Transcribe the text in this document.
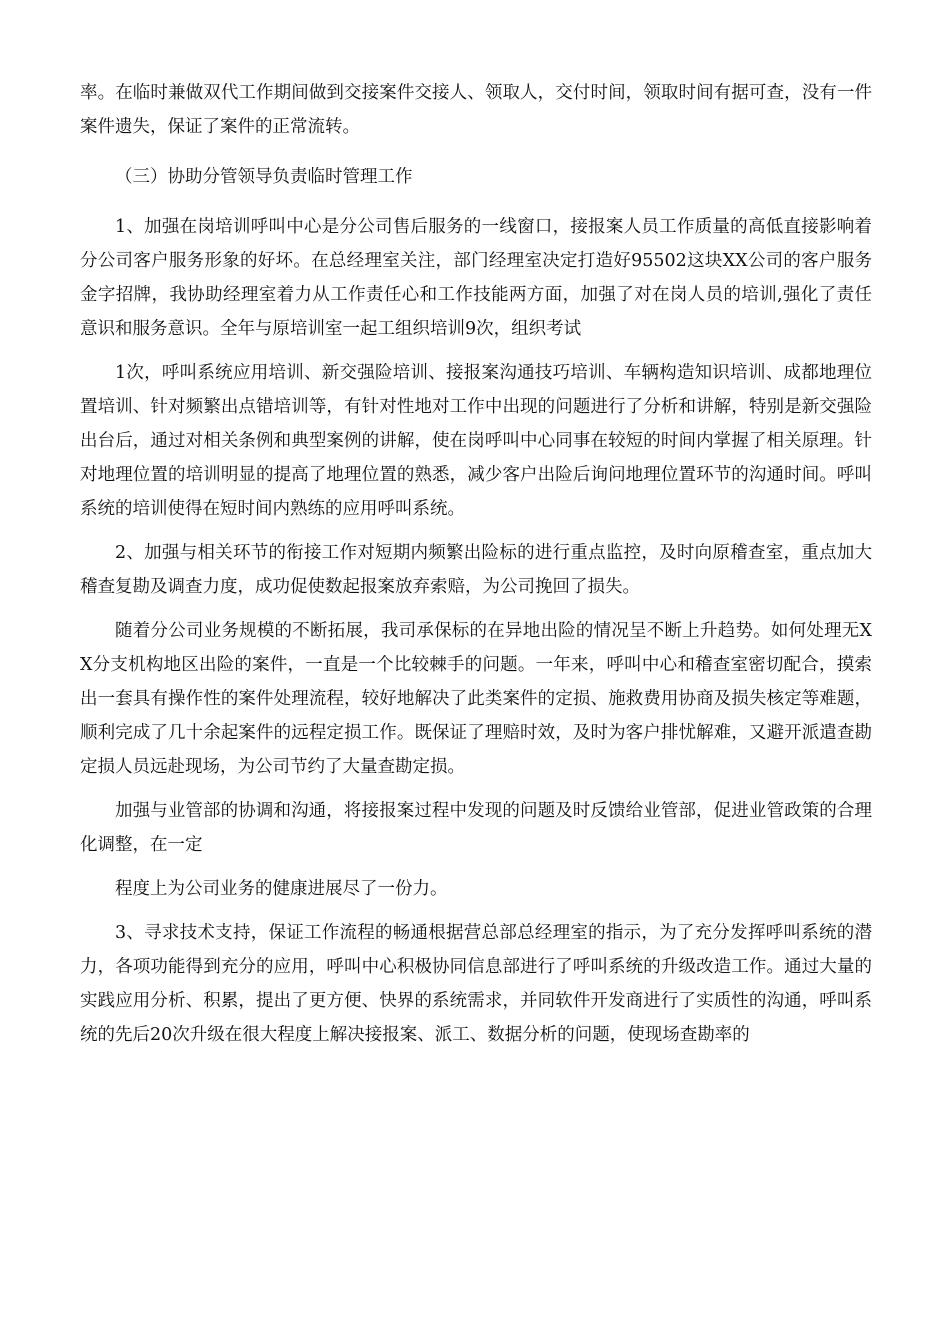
率。在临时兼做双代工作期间做到交接案件交接人、领取人，交付时间，领取时间有据可查，没有一件案件遗失，保证了案件的正常流转。

（三）协助分管领导负责临时管理工作

1、加强在岗培训呼叫中心是分公司售后服务的一线窗口，接报案人员工作质量的高低直接影响着分公司客户服务形象的好坏。在总经理室关注，部门经理室决定打造好95502这块XX公司的客户服务金字招牌，我协助经理室着力从工作责任心和工作技能两方面，加强了对在岗人员的培训,强化了责任意识和服务意识。全年与原培训室一起工组织培训9次，组织考试

1次，呼叫系统应用培训、新交强险培训、接报案沟通技巧培训、车辆构造知识培训、成都地理位置培训、针对频繁出点错培训等，有针对性地对工作中出现的问题进行了分析和讲解，特别是新交强险出台后，通过对相关条例和典型案例的讲解，使在岗呼叫中心同事在较短的时间内掌握了相关原理。针对地理位置的培训明显的提高了地理位置的熟悉，减少客户出险后询问地理位置环节的沟通时间。呼叫系统的培训使得在短时间内熟练的应用呼叫系统。

2、加强与相关环节的衔接工作对短期内频繁出险标的进行重点监控，及时向原稽查室，重点加大稽查复勘及调查力度，成功促使数起报案放弃索赔，为公司挽回了损失。

随着分公司业务规模的不断拓展，我司承保标的在异地出险的情况呈不断上升趋势。如何处理无XX分支机构地区出险的案件，一直是一个比较棘手的问题。一年来，呼叫中心和稽查室密切配合，摸索出一套具有操作性的案件处理流程，较好地解决了此类案件的定损、施救费用协商及损失核定等难题，顺利完成了几十余起案件的远程定损工作。既保证了理赔时效，及时为客户排忧解难，又避开派遣查勘定损人员远赴现场，为公司节约了大量查勘定损。

加强与业管部的协调和沟通，将接报案过程中发现的问题及时反馈给业管部，促进业管政策的合理化调整，在一定

程度上为公司业务的健康进展尽了一份力。

3、寻求技术支持，保证工作流程的畅通根据营总部总经理室的指示，为了充分发挥呼叫系统的潜力，各项功能得到充分的应用，呼叫中心积极协同信息部进行了呼叫系统的升级改造工作。通过大量的实践应用分析、积累，提出了更方便、快界的系统需求，并同软件开发商进行了实质性的沟通，呼叫系统的先后20次升级在很大程度上解决接报案、派工、数据分析的问题，使现场查勘率的
